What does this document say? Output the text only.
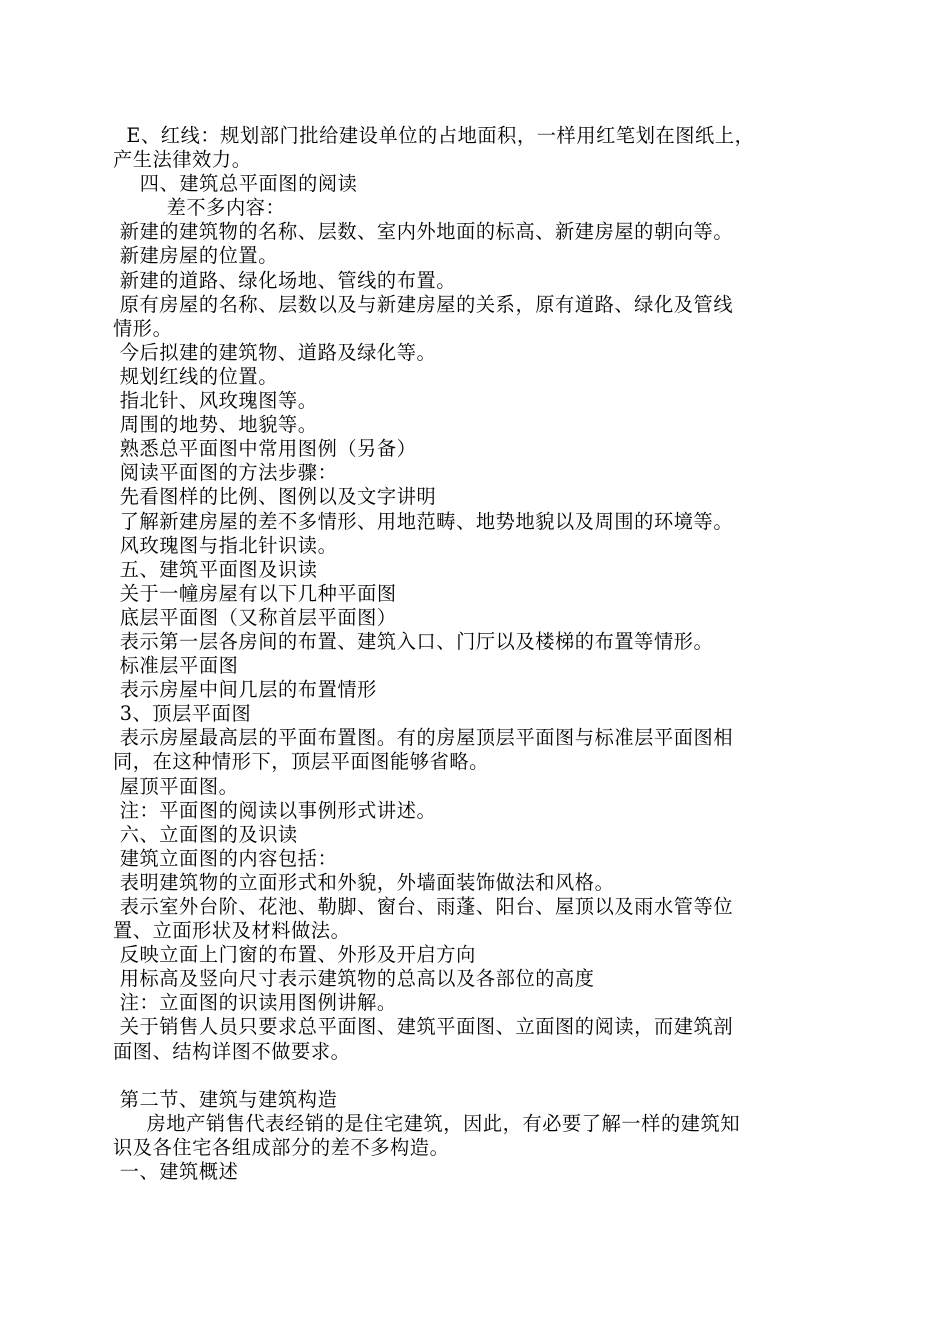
E、红线：规划部门批给建设单位的占地面积，一样用红笔划在图纸上，
产生法律效力。
四、建筑总平面图的阅读
差不多内容：
新建的建筑物的名称、层数、室内外地面的标高、新建房屋的朝向等。
新建房屋的位置。
新建的道路、绿化场地、管线的布置。
原有房屋的名称、层数以及与新建房屋的关系，原有道路、绿化及管线
情形。
今后拟建的建筑物、道路及绿化等。
规划红线的位置。
指北针、风玫瑰图等。
周围的地势、地貌等。
熟悉总平面图中常用图例（另备）
阅读平面图的方法步骤：
先看图样的比例、图例以及文字讲明
了解新建房屋的差不多情形、用地范畴、地势地貌以及周围的环境等。
风玫瑰图与指北针识读。
五、建筑平面图及识读
关于一幢房屋有以下几种平面图
底层平面图（又称首层平面图）
表示第一层各房间的布置、建筑入口、门厅以及楼梯的布置等情形。
标准层平面图
表示房屋中间几层的布置情形
3、顶层平面图
表示房屋最高层的平面布置图。有的房屋顶层平面图与标准层平面图相
同，在这种情形下，顶层平面图能够省略。
屋顶平面图。
注：平面图的阅读以事例形式讲述。
六、立面图的及识读
建筑立面图的内容包括：
表明建筑物的立面形式和外貌，外墙面装饰做法和风格。
表示室外台阶、花池、勒脚、窗台、雨蓬、阳台、屋顶以及雨水管等位
置、立面形状及材料做法。
反映立面上门窗的布置、外形及开启方向
用标高及竖向尺寸表示建筑物的总高以及各部位的高度
注：立面图的识读用图例讲解。
关于销售人员只要求总平面图、建筑平面图、立面图的阅读，而建筑剖
面图、结构详图不做要求。
第二节、建筑与建筑构造
房地产销售代表经销的是住宅建筑，因此，有必要了解一样的建筑知
识及各住宅各组成部分的差不多构造。
一、建筑概述
